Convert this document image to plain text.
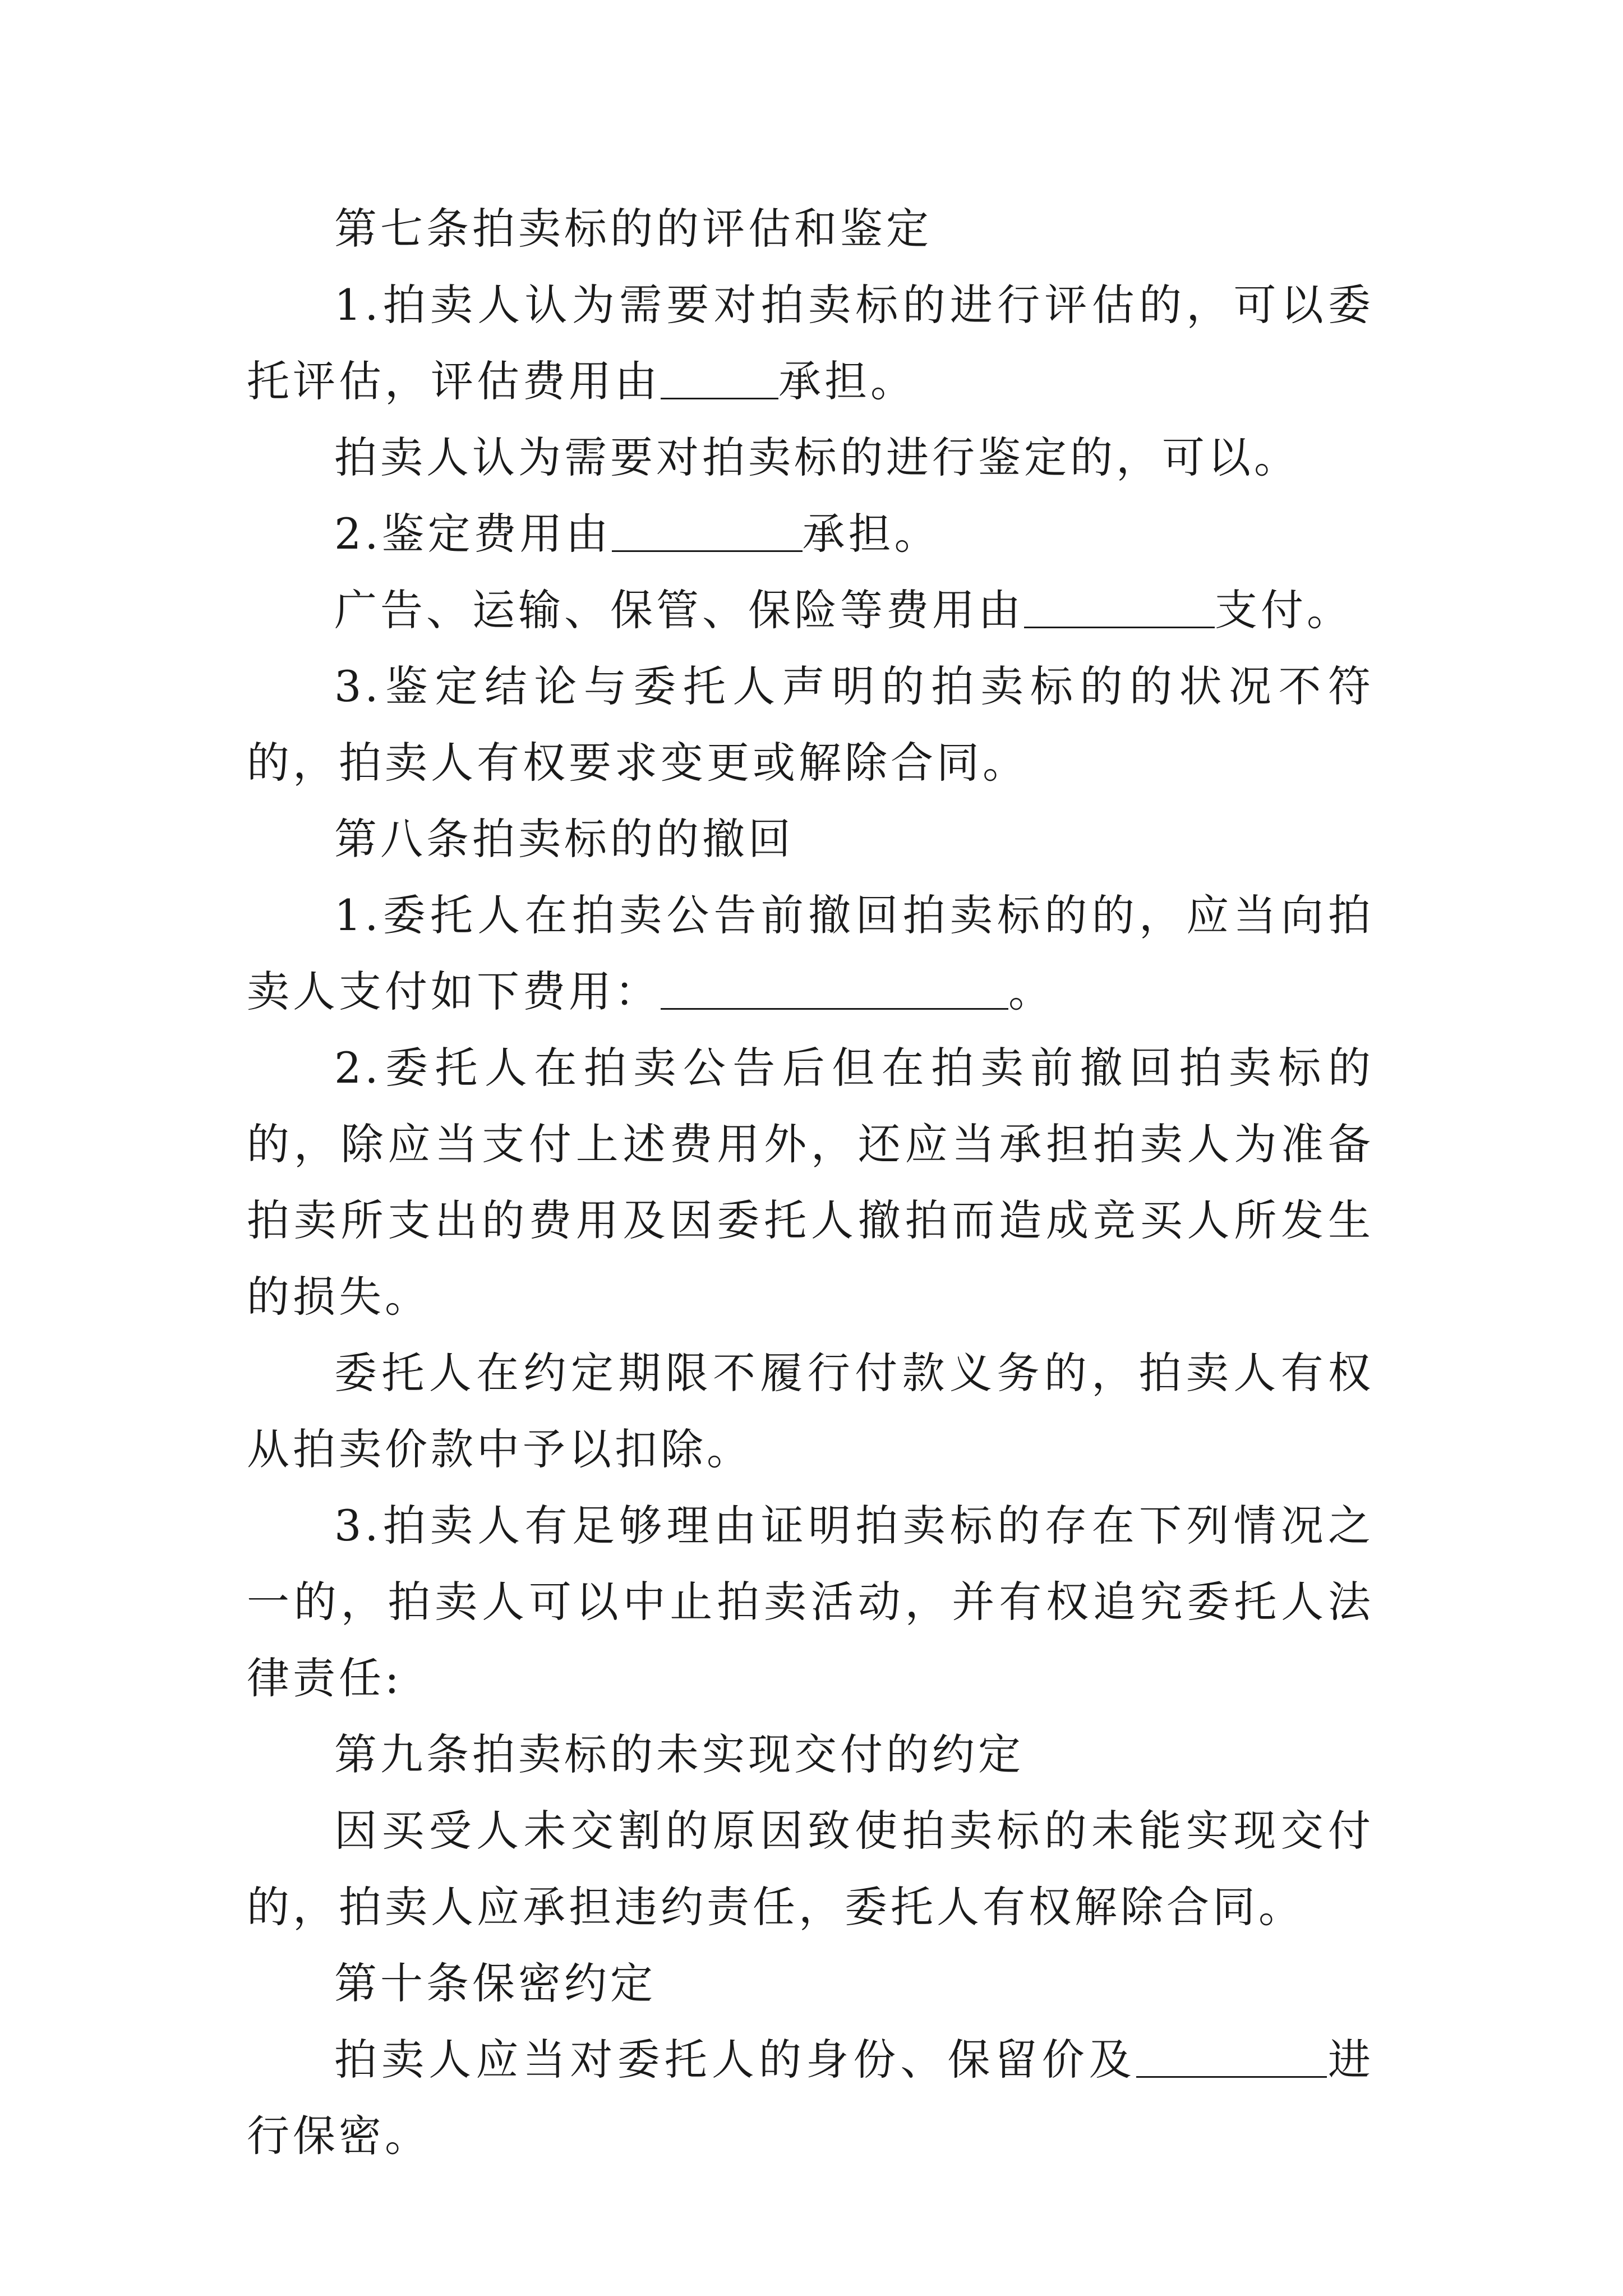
第七条拍卖标的的评估和鉴定

1.拍卖人认为需要对拍卖标的进行评估的，可以委托评估，评估费用由	承担。

拍卖人认为需要对拍卖标的进行鉴定的，可以。

2.鉴定费用由	承担。

广告、运输、保管、保险等费用由	支付。

3.鉴定结论与委托人声明的拍卖标的的状况不符的，拍卖人有权要求变更或解除合同。

第八条拍卖标的的撤回

1.委托人在拍卖公告前撤回拍卖标的的，应当向拍卖人支付如下费用：	。

2.委托人在拍卖公告后但在拍卖前撤回拍卖标的的，除应当支付上述费用外，还应当承担拍卖人为准备拍卖所支出的费用及因委托人撤拍而造成竞买人所发生的损失。

委托人在约定期限不履行付款义务的，拍卖人有权从拍卖价款中予以扣除。

3.拍卖人有足够理由证明拍卖标的存在下列情况之一的，拍卖人可以中止拍卖活动，并有权追究委托人法律责任:

第九条拍卖标的未实现交付的约定

因买受人未交割的原因致使拍卖标的未能实现交付的，拍卖人应承担违约责任，委托人有权解除合同。

第十条保密约定

拍卖人应当对委托人的身份、保留价及	进行保密。
